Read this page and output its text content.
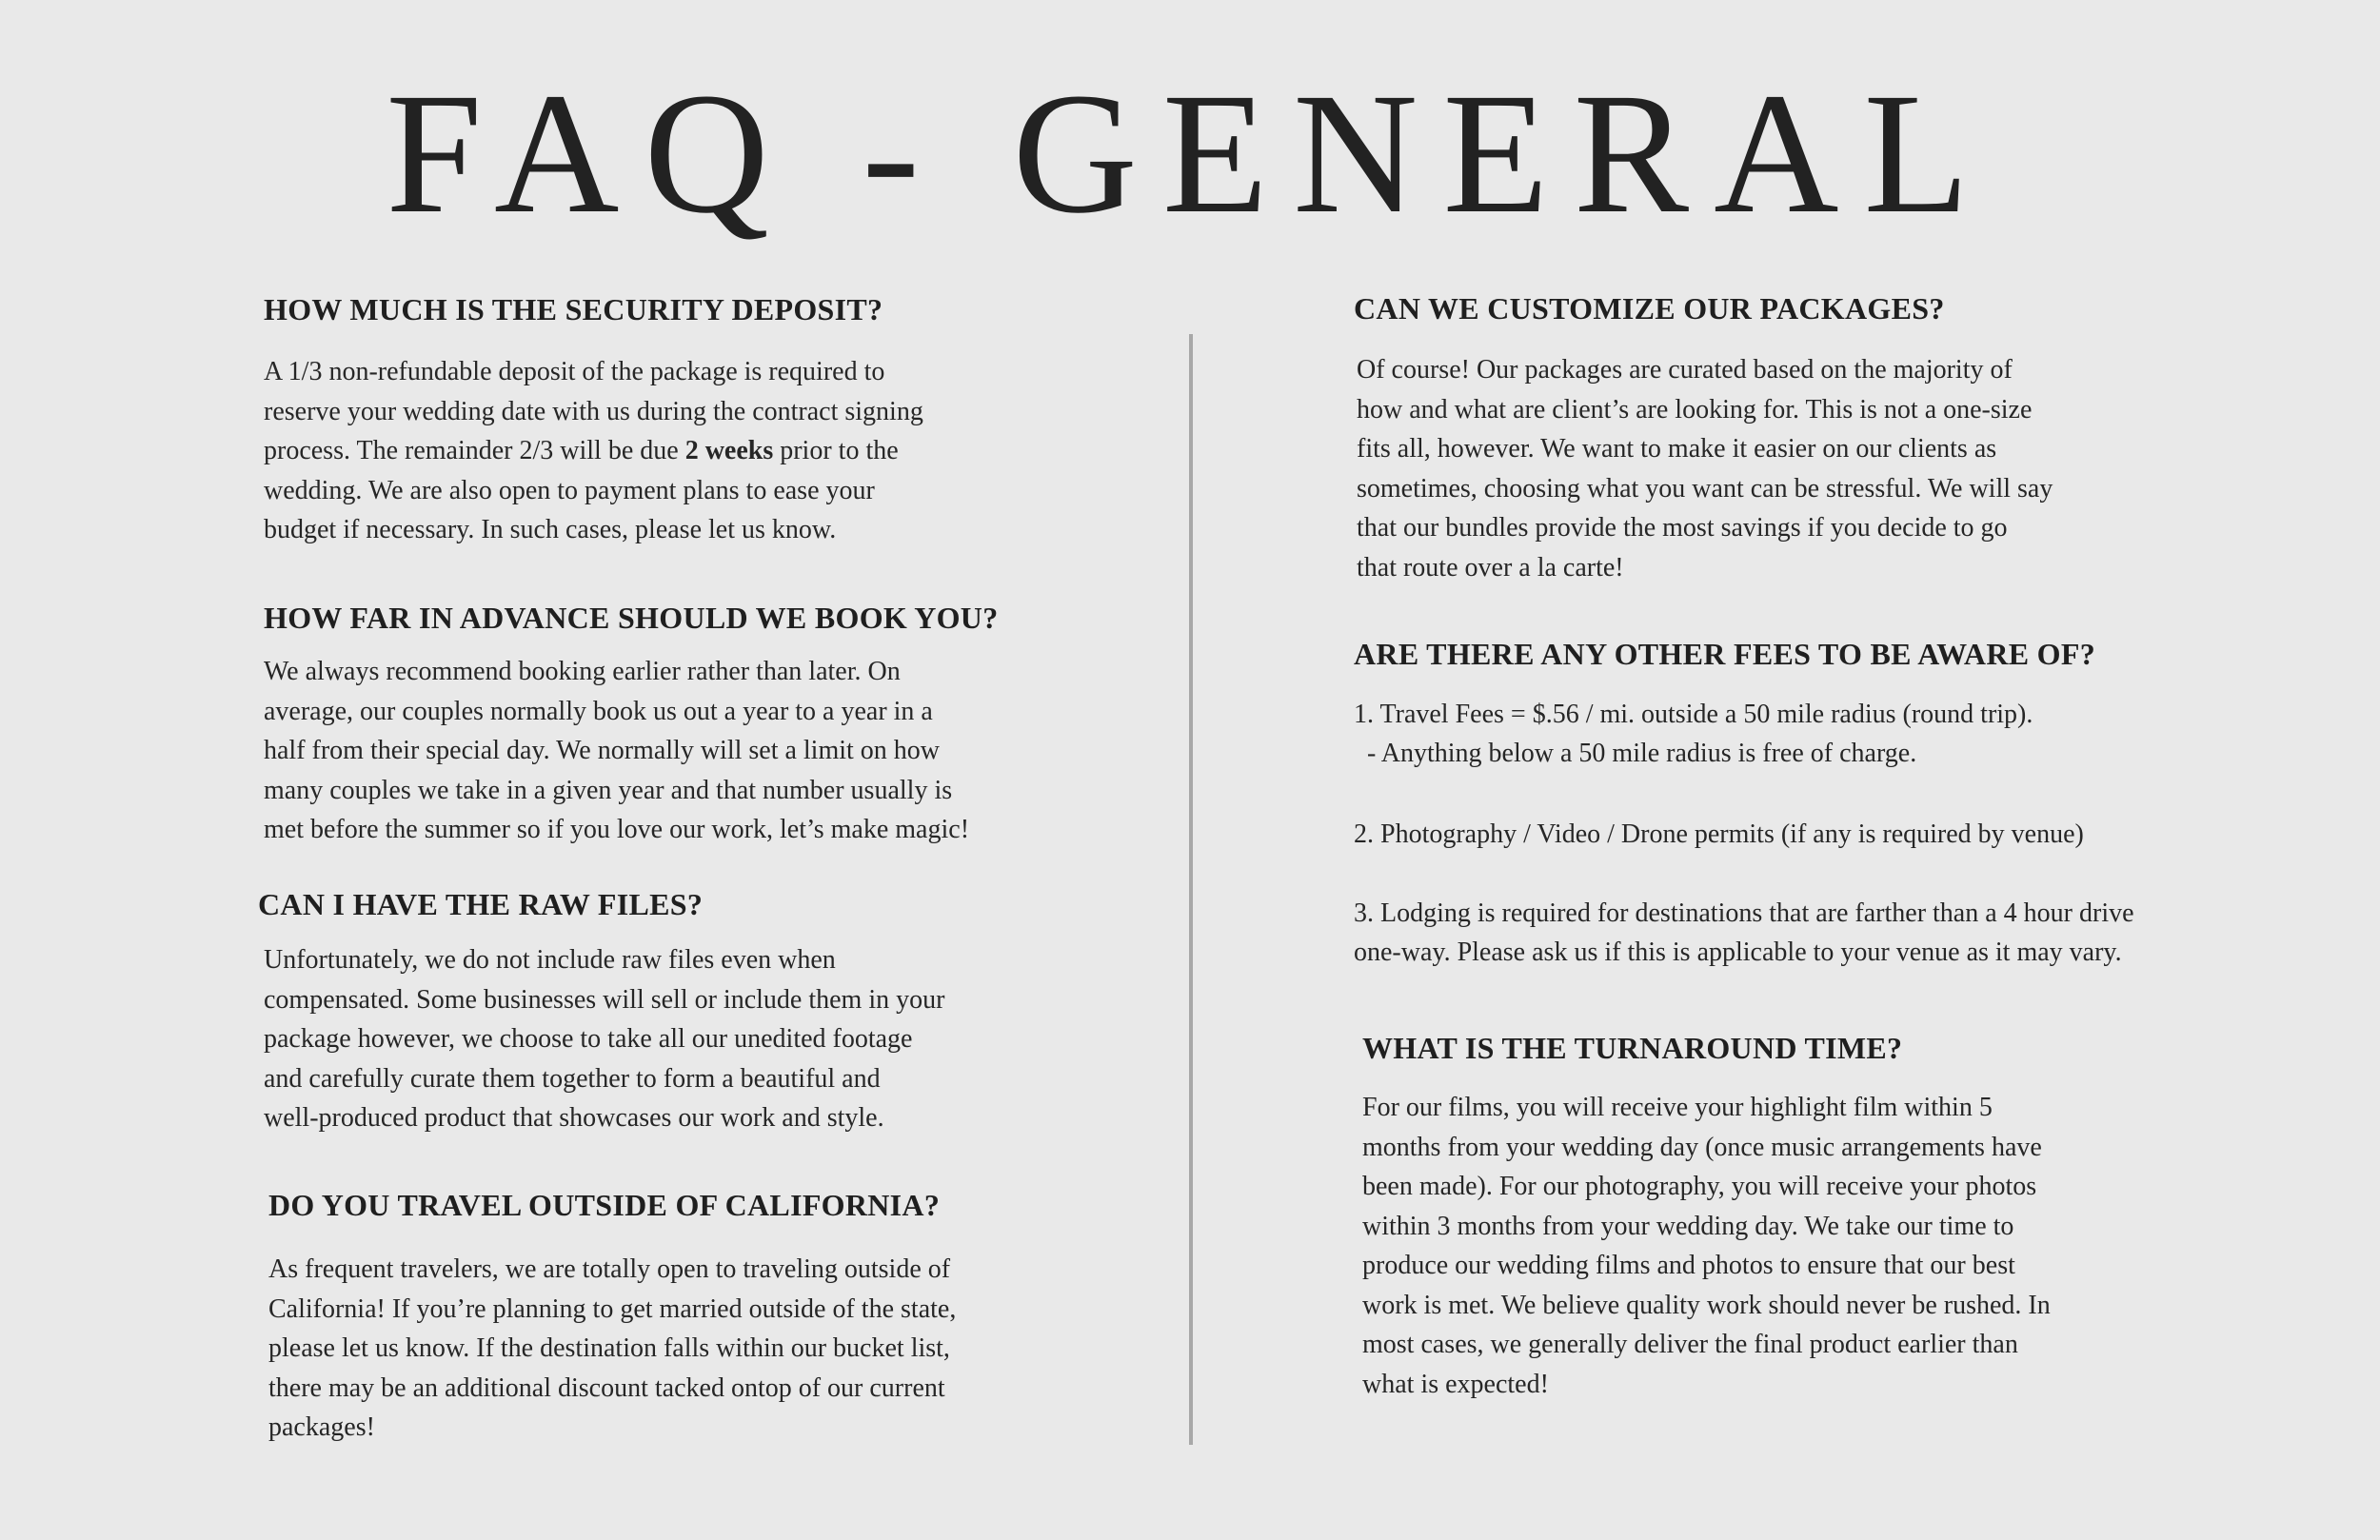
FAQ - GENERAL
HOW MUCH IS THE SECURITY DEPOSIT?
A 1/3 non-refundable deposit of the package is required to
reserve your wedding date with us during the contract signing
process. The remainder 2/3 will be due 2 weeks prior to the
wedding. We are also open to payment plans to ease your
budget if necessary. In such cases, please let us know.
HOW FAR IN ADVANCE SHOULD WE BOOK YOU?
We always recommend booking earlier rather than later. On
average, our couples normally book us out a year to a year in a
half from their special day. We normally will set a limit on how
many couples we take in a given year and that number usually is
met before the summer so if you love our work, let’s make magic!
CAN I HAVE THE RAW FILES?
Unfortunately, we do not include raw files even when
compensated. Some businesses will sell or include them in your
package however, we choose to take all our unedited footage
and carefully curate them together to form a beautiful and
well-produced product that showcases our work and style.
DO YOU TRAVEL OUTSIDE OF CALIFORNIA?
As frequent travelers, we are totally open to traveling outside of
California! If you’re planning to get married outside of the state,
please let us know. If the destination falls within our bucket list,
there may be an additional discount tacked ontop of our current
packages!
CAN WE CUSTOMIZE OUR PACKAGES?
Of course! Our packages are curated based on the majority of
how and what are client’s are looking for. This is not a one-size
fits all, however. We want to make it easier on our clients as
sometimes, choosing what you want can be stressful. We will say
that our bundles provide the most savings if you decide to go
that route over a la carte!
ARE THERE ANY OTHER FEES TO BE AWARE OF?
1. Travel Fees = $.56 / mi. outside a 50 mile radius (round trip).
- Anything below a 50 mile radius is free of charge.
2. Photography / Video / Drone permits (if any is required by venue)
3. Lodging is required for destinations that are farther than a 4 hour drive
one-way. Please ask us if this is applicable to your venue as it may vary.
WHAT IS THE TURNAROUND TIME?
For our films, you will receive your highlight film within 5
months from your wedding day (once music arrangements have
been made). For our photography, you will receive your photos
within 3 months from your wedding day. We take our time to
produce our wedding films and photos to ensure that our best
work is met. We believe quality work should never be rushed. In
most cases, we generally deliver the final product earlier than
what is expected!
